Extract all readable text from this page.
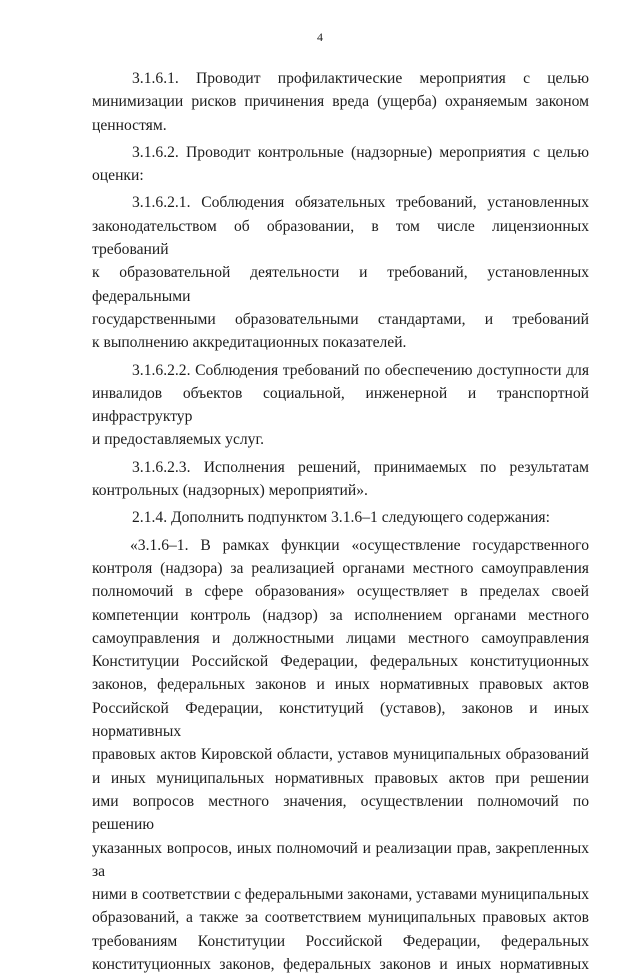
4

3.1.6.1. Проводит профилактические мероприятия с целью
минимизации рисков причинения вреда (ущерба) охраняемым законом
ценностям.

3.1.6.2. Проводит контрольные (надзорные) мероприятия с целью
оценки:

3.1.6.2.1. Соблюдения обязательных требований, установленных
законодательством об образовании, в том числе лицензионных требований
к образовательной деятельности и требований, установленных федеральными
государственными образовательными стандартами, и требований
к выполнению аккредитационных показателей.

3.1.6.2.2. Соблюдения требований по обеспечению доступности для
инвалидов объектов социальной, инженерной и транспортной инфраструктур
и предоставляемых услуг.

3.1.6.2.3. Исполнения решений, принимаемых по результатам
контрольных (надзорных) мероприятий».

2.1.4. Дополнить подпунктом 3.1.6–1 следующего содержания:

«3.1.6–1. В рамках функции «осуществление государственного
контроля (надзора) за реализацией органами местного самоуправления
полномочий в сфере образования» осуществляет в пределах своей
компетенции контроль (надзор) за исполнением органами местного
самоуправления и должностными лицами местного самоуправления
Конституции Российской Федерации, федеральных конституционных
законов, федеральных законов и иных нормативных правовых актов
Российской Федерации, конституций (уставов), законов и иных нормативных
правовых актов Кировской области, уставов муниципальных образований
и иных муниципальных нормативных правовых актов при решении
ими вопросов местного значения, осуществлении полномочий по решению
указанных вопросов, иных полномочий и реализации прав, закрепленных за
ними в соответствии с федеральными законами, уставами муниципальных
образований, а также за соответствием муниципальных правовых актов
требованиям Конституции Российской Федерации, федеральных
конституционных законов, федеральных законов и иных нормативных
